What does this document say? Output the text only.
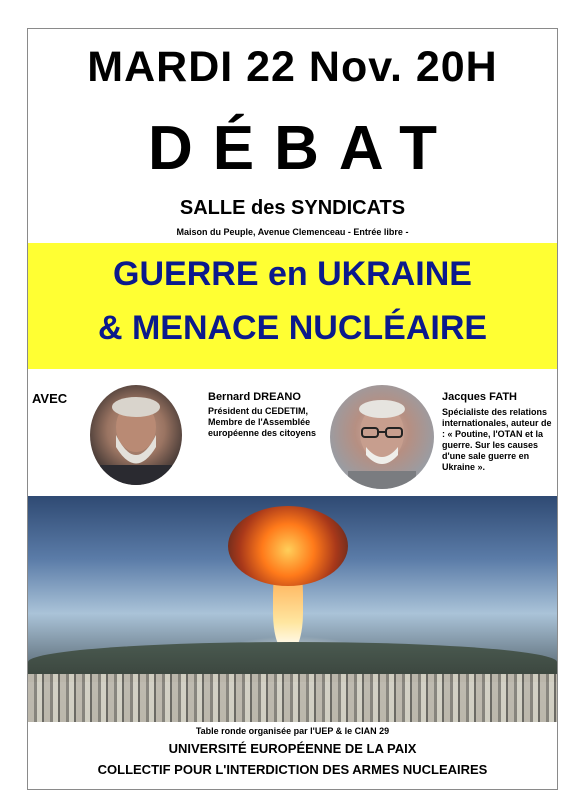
MARDI 22 Nov. 20H
DÉBAT
SALLE des SYNDICATS
Maison du Peuple, Avenue Clemenceau - Entrée libre -
GUERRE en UKRAINE
& MENACE NUCLÉAIRE
AVEC	Bernard DREANO
Président du CEDETIM, Membre de l'Assemblée européenne des citoyens
Jacques FATH
Spécialiste des relations internationales, auteur de : « Poutine, l'OTAN et la guerre. Sur les causes d'une sale guerre en Ukraine ».
Table ronde organisée par l'UEP & le CIAN 29
UNIVERSITÉ EUROPÉENNE DE LA PAIX
COLLECTIF POUR L'INTERDICTION DES ARMES NUCLEAIRES
